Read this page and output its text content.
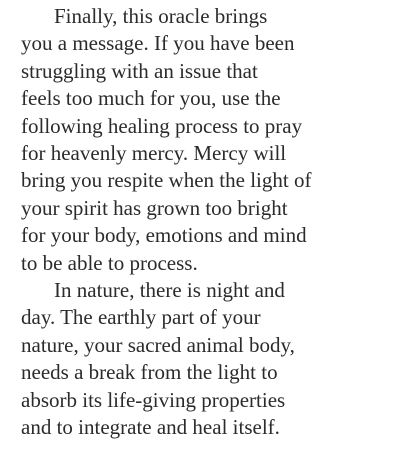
Finally, this oracle brings
you a message. If you have been
struggling with an issue that
feels too much for you, use the
following healing process to pray
for heavenly mercy. Mercy will
bring you respite when the light of
your spirit has grown too bright
for your body, emotions and mind
to be able to process.
In nature, there is night and
day. The earthly part of your
nature, your sacred animal body,
needs a break from the light to
absorb its life-giving properties
and to integrate and heal itself.
